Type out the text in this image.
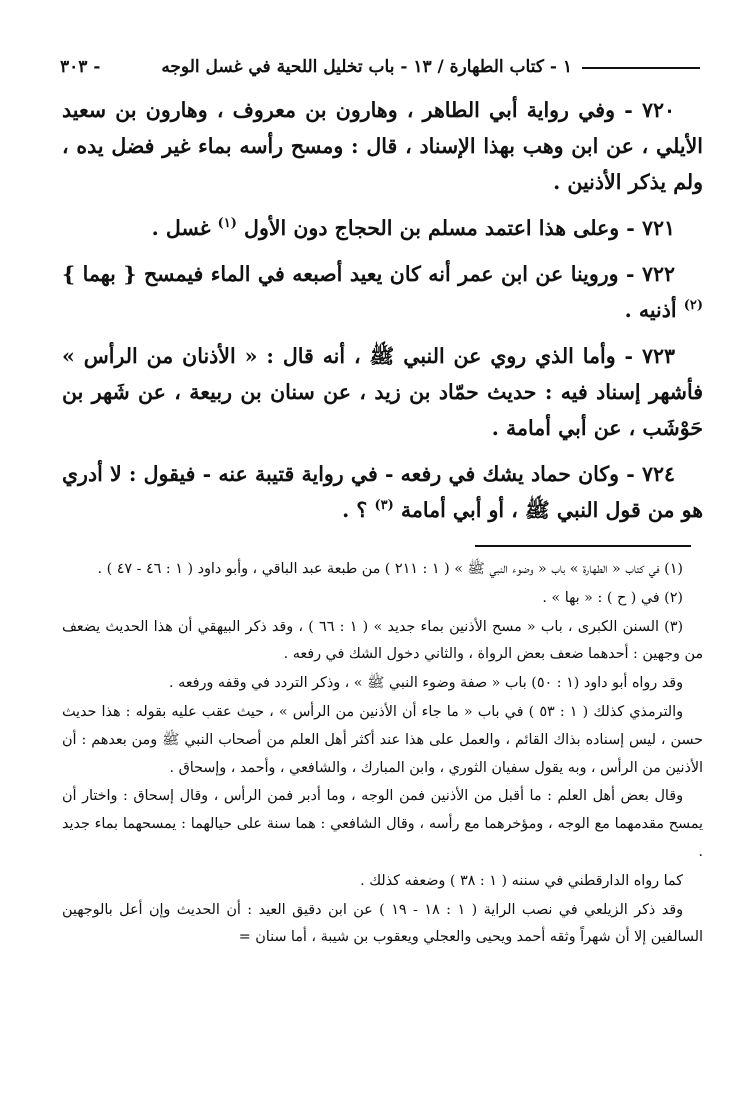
١ - كتاب الطهارة / ١٣ - باب تخليل اللحية في غسل الوجه
- ٣٠٣

٧٢٠ - وفي رواية أبي الطاهر ، وهارون بن معروف ، وهارون بن سعيد الأيلي ، عن ابن وهب بهذا الإسناد ، قال : ومسح رأسه بماء غير فضل يده ، ولم يذكر الأذنين .

٧٢١ - وعلى هذا اعتمد مسلم بن الحجاج دون الأول $^{(١)}$ غسل .

٧٢٢ - وروينا عن ابن عمر أنه كان يعيد أصبعه في الماء فيمسح { بهما } $^{(٢)}$ أذنيه .

٧٢٣ - وأما الذي روي عن النبي ﷺ ، أنه قال : « الأذنان من الرأس » فأشهر إسناد فيه : حديث حمّاد بن زيد ، عن سنان بن ربيعة ، عن شَهر بن حَوْشَب ، عن أبي أمامة .

٧٢٤ - وكان حماد يشك في رفعه - في رواية قتيبة عنه - فيقول : لا أدري هو من قول النبي ﷺ ، أو أبي أمامة $^{(٣)}$ ؟ .

(١) في كتاب « الطهارة » باب « وضوء النبي ﷺ » ( ١ : ٢١١ ) من طبعة عبد الباقي ، وأبو داود ( ١ : ٤٦ - ٤٧ ) .

(٢) في ( ح ) : « بها » .

(٣) السنن الكبرى ، باب « مسح الأذنين بماء جديد » ( ١ : ٦٦ ) ، وقد ذكر البيهقي أن هذا الحديث يضعف من وجهين : أحدهما ضعف بعض الرواة ، والثاني دخول الشك في رفعه .

وقد رواه أبو داود (١ : ٥٠) باب « صفة وضوء النبي ﷺ » ، وذكر التردد في وقفه ورفعه .

والترمذي كذلك ( ١ : ٥٣ ) في باب « ما جاء أن الأذنين من الرأس » ، حيث عقب عليه بقوله : هذا حديث حسن ، ليس إسناده بذاك القائم ، والعمل على هذا عند أكثر أهل العلم من أصحاب النبي ﷺ ومن بعدهم : أن الأذنين من الرأس ، وبه يقول سفيان الثوري ، وابن المبارك ، والشافعي ، وأحمد ، وإسحاق .

وقال بعض أهل العلم : ما أقبل من الأذنين فمن الوجه ، وما أدبر فمن الرأس ، وقال إسحاق : واختار أن يمسح مقدمهما مع الوجه ، ومؤخرهما مع رأسه ، وقال الشافعي : هما سنة على حيالهما : يمسحهما بماء جديد .

كما رواه الدارقطني في سننه ( ١ : ٣٨ ) وضعفه كذلك .

وقد ذكر الزيلعي في نصب الراية ( ١ : ١٨ - ١٩ ) عن ابن دقيق العيد : أن الحديث وإن أعل بالوجهين السالفين إلا أن شهراً وثقه أحمد ويحيى والعجلي ويعقوب بن شيبة ، أما سنان =
